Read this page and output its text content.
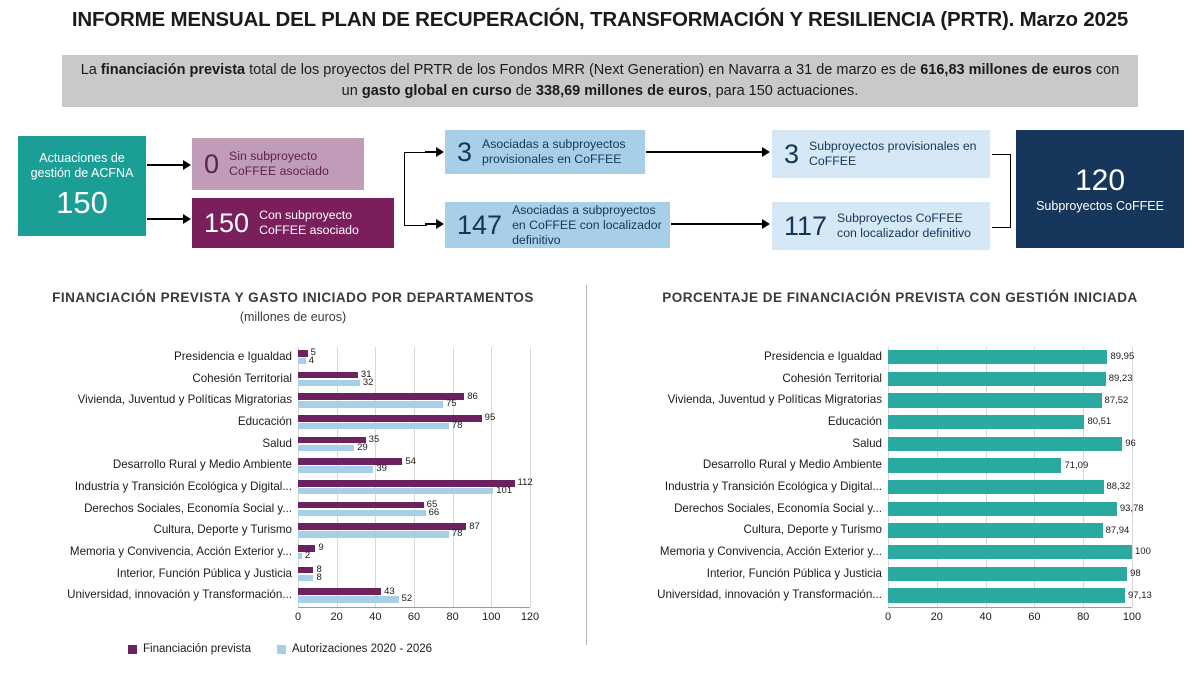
INFORME MENSUAL DEL PLAN DE RECUPERACIÓN, TRANSFORMACIÓN Y RESILIENCIA (PRTR). Marzo 2025
La financiación prevista total de los proyectos del PRTR de los Fondos MRR (Next Generation) en Navarra a 31 de marzo es de 616,83 millones de euros con un gasto global en curso de 338,69 millones de euros, para 150 actuaciones.
Actuaciones de gestión de ACFNA
150
0 Sin subproyecto CoFFEE asociado
150 Con subproyecto CoFFEE asociado
3 Asociadas a subproyectos provisionales en CoFFEE
147 Asociadas a subproyectos en CoFFEE con localizador definitivo
3 Subproyectos provisionales en CoFFEE
117 Subproyectos CoFFEE con localizador definitivo
120
Subproyectos CoFFEE
FINANCIACIÓN PREVISTA Y GASTO INICIADO POR DEPARTAMENTOS
(millones de euros)
0	20	40	60	80	100	120
Presidencia e Igualdad 5
4
Cohesión Territorial	31
32
Vivienda, Juventud y Políticas Migratorias	86
75
Educación	95
78
Salud	35
29
Desarrollo Rural y Medio Ambiente	54
39
Industria y Transición Ecológica y Digital...	112
101
Derechos Sociales, Economía Social y...	65
66
Cultura, Deporte y Turismo	87
78
Memoria y Convivencia, Acción Exterior y...	9
2
Interior, Función Pública y Justicia	8
8
Universidad, innovación y Transformación...	43
52
Financiación prevista	Autorizaciones 2020 - 2026
PORCENTAJE DE FINANCIACIÓN PREVISTA CON GESTIÓN INICIADA
0	20	40	60	80	100
Presidencia e Igualdad	89,95
Cohesión Territorial	89,23
Vivienda, Juventud y Políticas Migratorias	87,52
Educación	80,51
Salud	96
Desarrollo Rural y Medio Ambiente	71,09
Industria y Transición Ecológica y Digital...	88,32
Derechos Sociales, Economía Social y...	93,78
Cultura, Deporte y Turismo	87,94
Memoria y Convivencia, Acción Exterior y...	100
Interior, Función Pública y Justicia	98
Universidad, innovación y Transformación...	97,13
